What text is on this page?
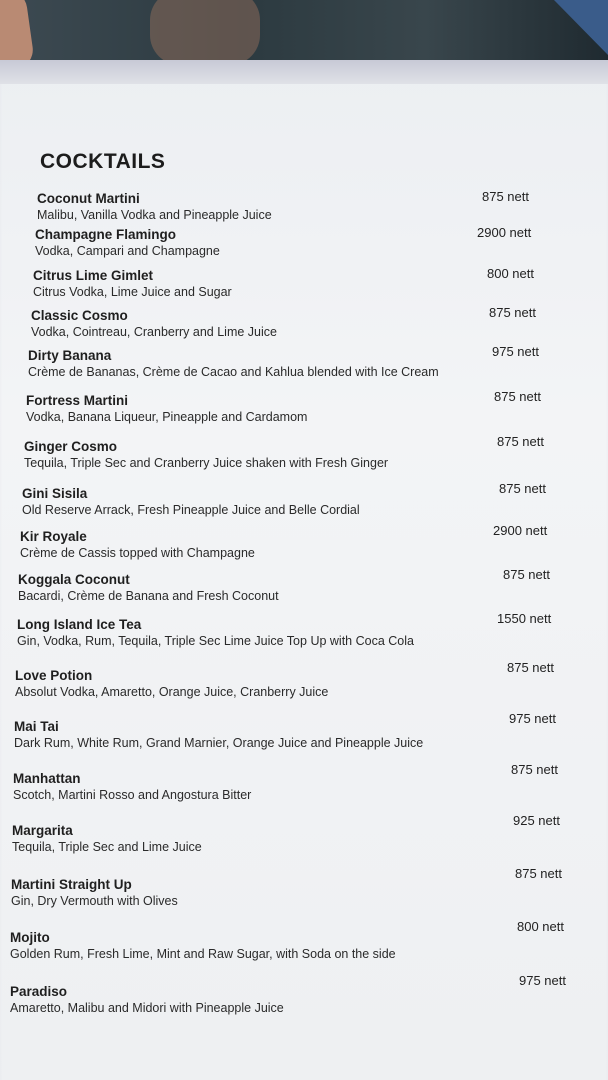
COCKTAILS
Coconut Martini
Malibu, Vanilla Vodka and Pineapple Juice
875 nett
Champagne Flamingo
Vodka, Campari and Champagne
2900 nett
Citrus Lime Gimlet
Citrus Vodka, Lime Juice and Sugar
800 nett
Classic Cosmo
Vodka, Cointreau, Cranberry and Lime Juice
875 nett
Dirty Banana
Crème de Bananas, Crème de Cacao and Kahlua blended with Ice Cream
975 nett
Fortress Martini
Vodka, Banana Liqueur, Pineapple and Cardamom
875 nett
Ginger Cosmo
Tequila, Triple Sec and Cranberry Juice shaken with Fresh Ginger
875 nett
Gini Sisila
Old Reserve Arrack, Fresh Pineapple Juice and Belle Cordial
875 nett
Kir Royale
Crème de Cassis topped with Champagne
2900 nett
Koggala Coconut
Bacardi, Crème de Banana and Fresh Coconut
875 nett
Long Island Ice Tea
Gin, Vodka, Rum, Tequila, Triple Sec Lime Juice Top Up with Coca Cola
1550 nett
Love Potion
Absolut Vodka, Amaretto, Orange Juice, Cranberry Juice
875 nett
Mai Tai
Dark Rum, White Rum, Grand Marnier, Orange Juice and Pineapple Juice
975 nett
Manhattan
Scotch, Martini Rosso and Angostura Bitter
875 nett
Margarita
Tequila, Triple Sec and Lime Juice
925 nett
Martini Straight Up
Gin, Dry Vermouth with Olives
875 nett
Mojito
Golden Rum, Fresh Lime, Mint and Raw Sugar, with Soda on the side
800 nett
Paradiso
Amaretto, Malibu and Midori with Pineapple Juice
975 nett
